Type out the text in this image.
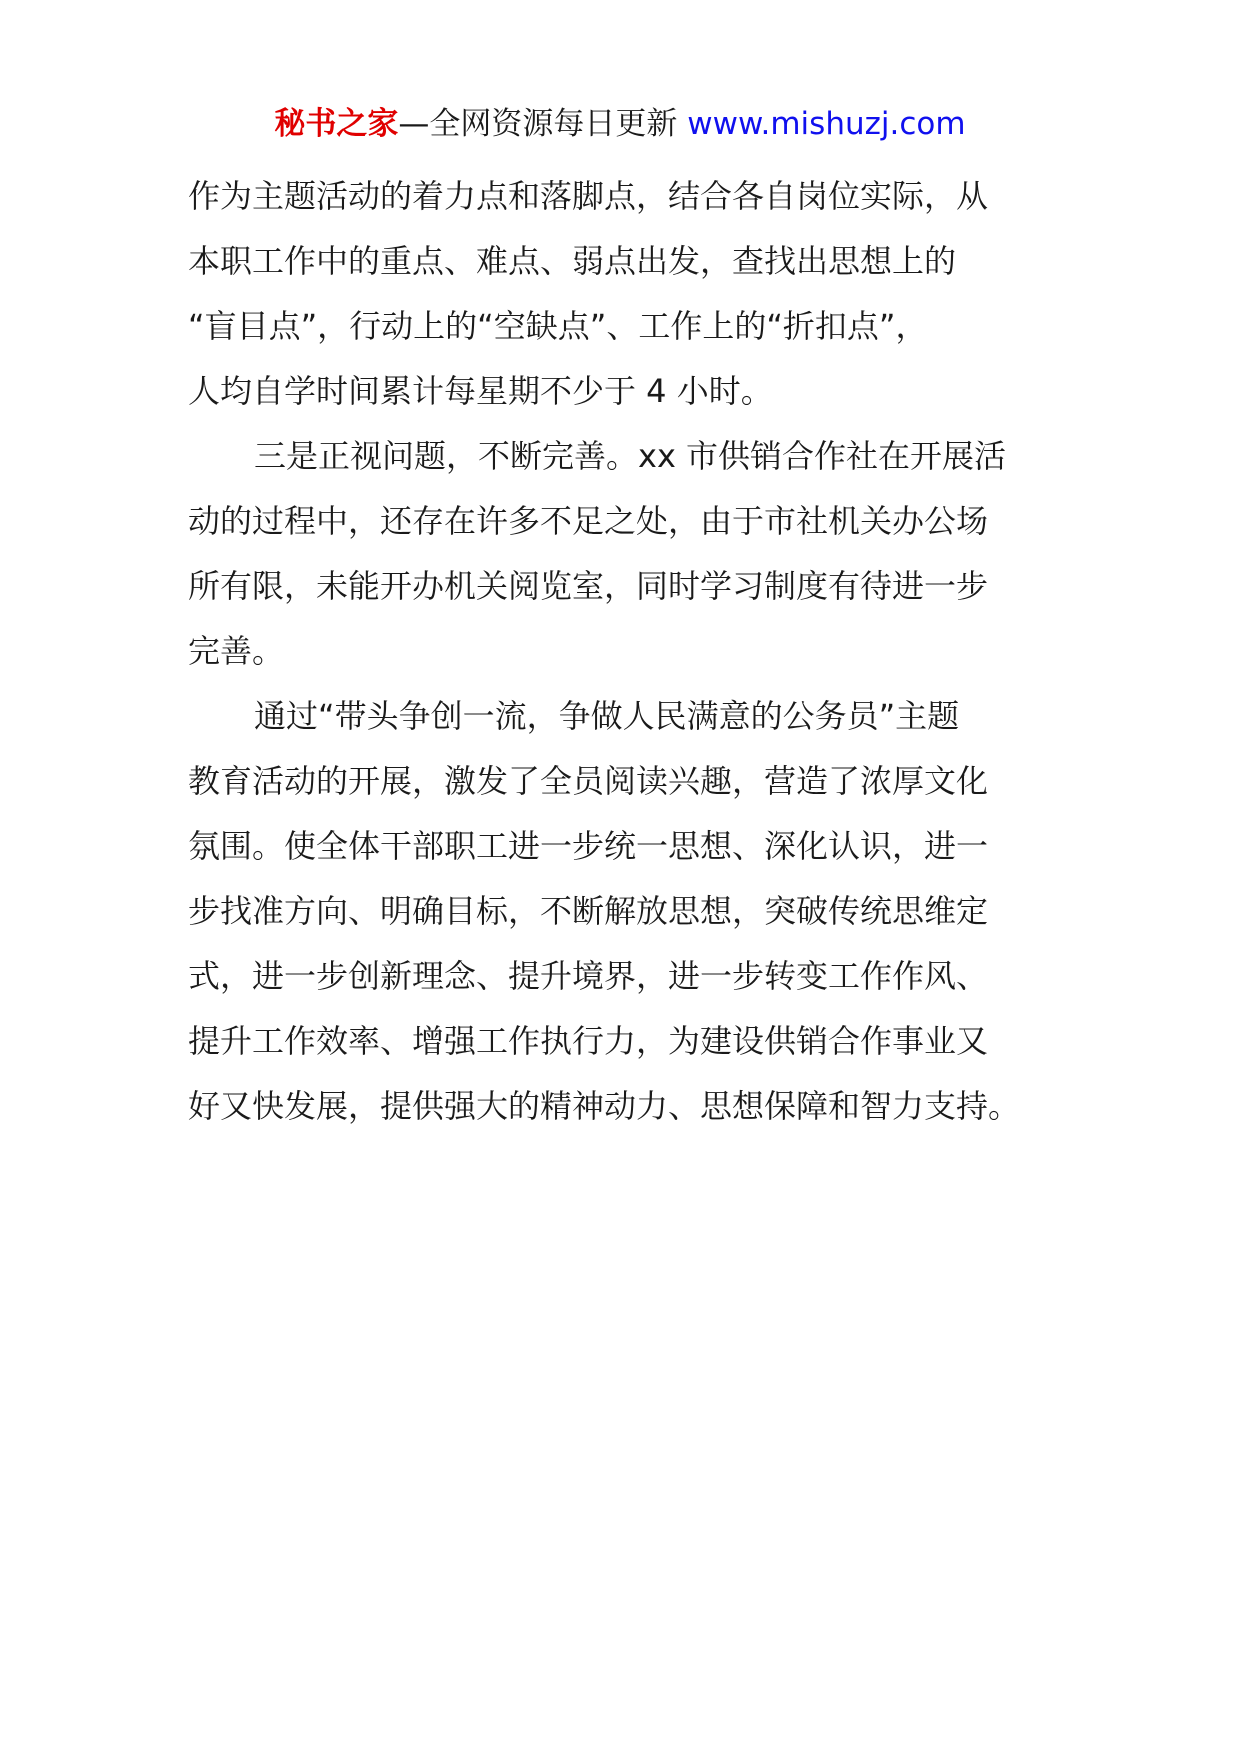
秘书之家—全网资源每日更新 www.mishuzj.com
作为主题活动的着力点和落脚点，结合各自岗位实际，从
本职工作中的重点、难点、弱点出发，查找出思想上的
“盲目点”，行动上的“空缺点”、工作上的“折扣点”，
人均自学时间累计每星期不少于 4 小时。
三是正视问题，不断完善。xx 市供销合作社在开展活
动的过程中，还存在许多不足之处，由于市社机关办公场
所有限，未能开办机关阅览室，同时学习制度有待进一步
完善。
通过“带头争创一流，争做人民满意的公务员”主题
教育活动的开展，激发了全员阅读兴趣，营造了浓厚文化
氛围。使全体干部职工进一步统一思想、深化认识，进一
步找准方向、明确目标，不断解放思想，突破传统思维定
式，进一步创新理念、提升境界，进一步转变工作作风、
提升工作效率、增强工作执行力，为建设供销合作事业又
好又快发展，提供强大的精神动力、思想保障和智力支持。
